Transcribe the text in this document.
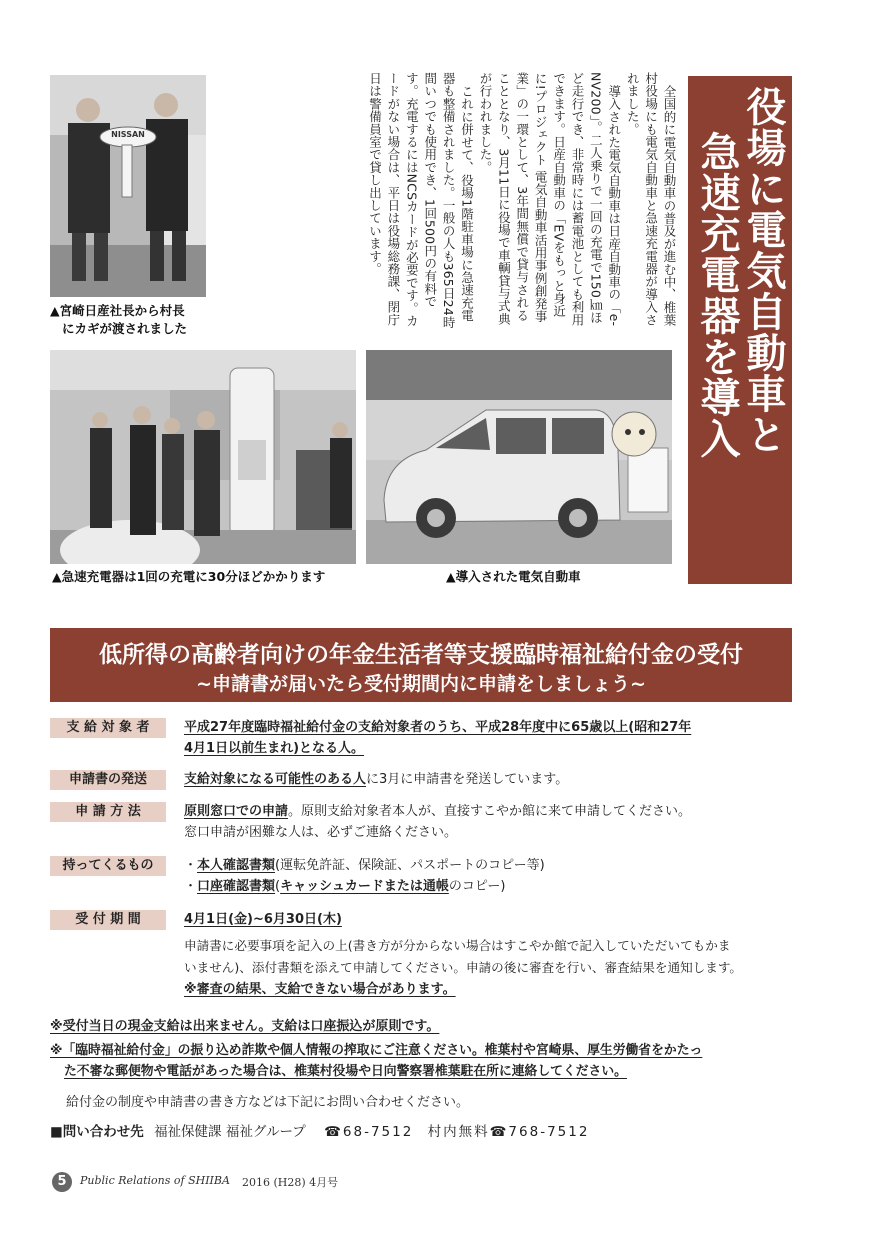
NISSAN
▲宮崎日産社長から村長
にカギが渡されました

全国的に電気自動車の普及が進む中、椎葉村役場にも電気自動車と急速充電器が導入されました。

導入された電気自動車は日産自動車の「e-NV200」。二人乗りで一回の充電で150㎞ほど走行でき、非常時には蓄電池としても利用できます。日産自動車の「EVをもっと身近に!プロジェクト 電気自動車活用事例創発事業」の一環として、3年間無償で貸与されることとなり、3月11日に役場で車輌貸与式典が行われました。

これに併せて、役場1階駐車場に急速充電器も整備されました。一般の人も365日24時間いつでも使用でき、1回500円の有料です。充電するにはNCSカードが必要です。カードがない場合は、平日は役場総務課、閉庁日は警備員室で貸し出しています。	役場に電気自動車と
急速充電器を導入
▲急速充電器は1回の充電に30分ほどかかります	▲導入された電気自動車
低所得の高齢者向けの年金生活者等支援臨時福祉給付金の受付
~申請書が届いたら受付期間内に申請をしましょう~
支 給 対 象 者	平成27年度臨時福祉給付金の支給対象者のうち、平成28年度中に65歳以上(昭和27年
4月1日以前生まれ)となる人。
申請書の発送	支給対象になる可能性のある人に3月に申請書を発送しています。
申 請 方 法	原則窓口での申請。原則支給対象者本人が、直接すこやか館に来て申請してください。
窓口申請が困難な人は、必ずご連絡ください。
持ってくるもの	・本人確認書類(運転免許証、保険証、パスポートのコピー等)
・口座確認書類(キャッシュカードまたは通帳のコピー)
受 付 期 間	4月1日(金)~6月30日(木)
申請書に必要事項を記入の上(書き方が分からない場合はすこやか館で記入していただいてもかま
いません)、添付書類を添えて申請してください。申請の後に審査を行い、審査結果を通知します。
※審査の結果、支給できない場合があります。
※受付当日の現金支給は出来ません。支給は口座振込が原則です。
※「臨時福祉給付金」の振り込め詐欺や個人情報の搾取にご注意ください。椎葉村や宮崎県、厚生労働省をかたっ
た不審な郵便物や電話があった場合は、椎葉村役場や日向警察署椎葉駐在所に連絡してください。
給付金の制度や申請書の書き方などは下記にお問い合わせください。
■問い合わせ先 福祉保健課 福祉グループ ☎68-7512 村内無料☎768-7512
5	Public Relations of SHIIBA 2016 (H28) 4月号
